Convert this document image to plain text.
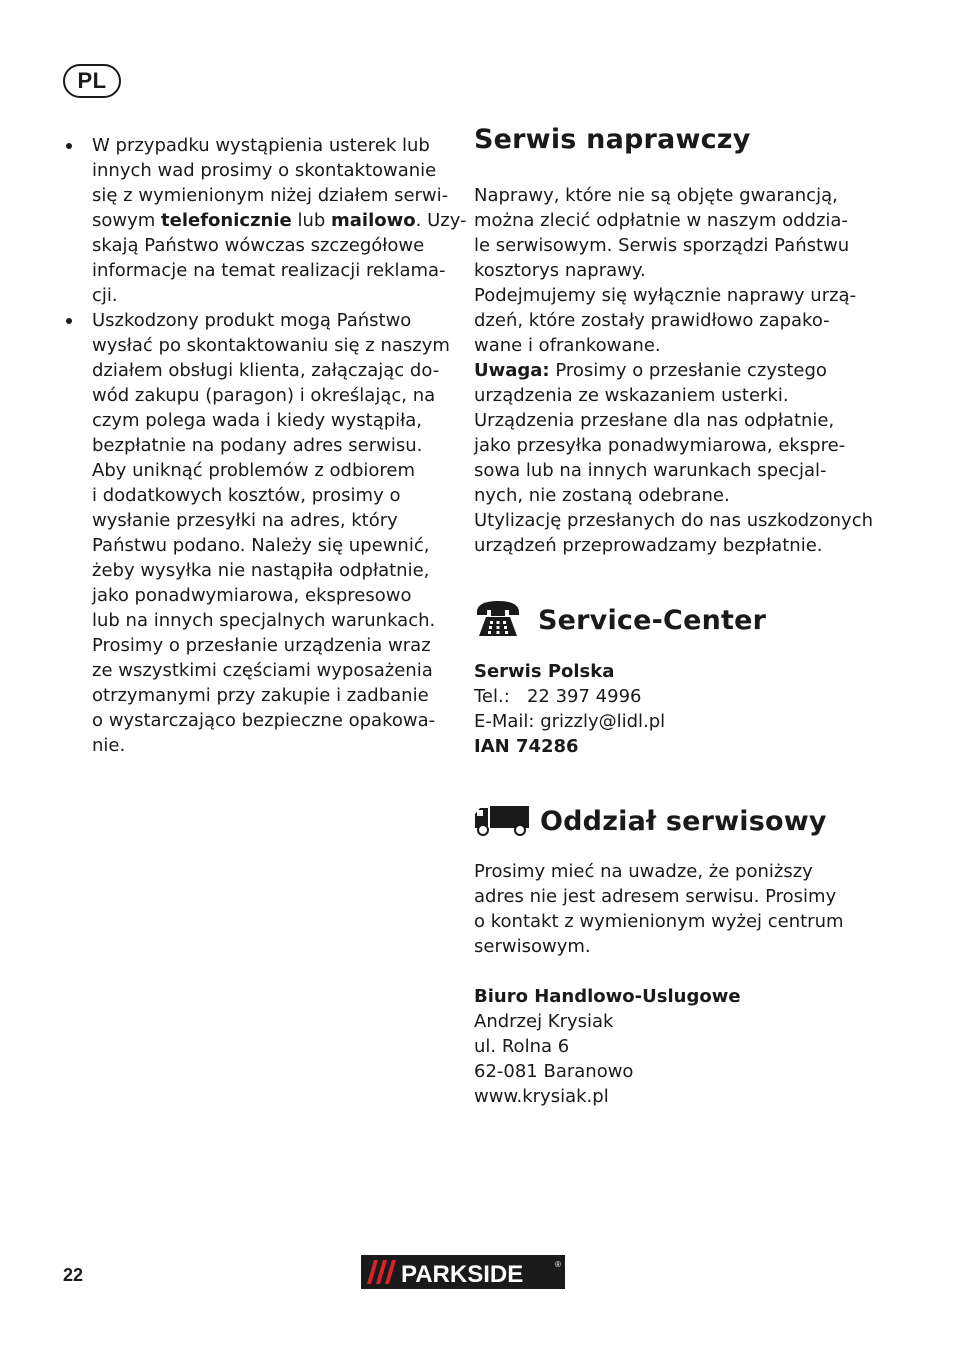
PL
W przypadku wystąpienia usterek lub
innych wad prosimy o skontaktowanie
się z wymienionym niżej działem serwi-
sowym telefonicznie lub mailowo. Uzy-
skają Państwo wówczas szczegółowe
informacje na temat realizacji reklama-
cji.
Uszkodzony produkt mogą Państwo
wysłać po skontaktowaniu się z naszym
działem obsługi klienta, załączając do-
wód zakupu (paragon) i określając, na
czym polega wada i kiedy wystąpiła,
bezpłatnie na podany adres serwisu.
Aby uniknąć problemów z odbiorem
i dodatkowych kosztów, prosimy o
wysłanie przesyłki na adres, który
Państwu podano. Należy się upewnić,
żeby wysyłka nie nastąpiła odpłatnie,
jako ponadwymiarowa, ekspresowo
lub na innych specjalnych warunkach.
Prosimy o przesłanie urządzenia wraz
ze wszystkimi częściami wyposażenia
otrzymanymi przy zakupie i zadbanie
o wystarczająco bezpieczne opakowa-
nie.
Serwis naprawczy
Naprawy, które nie są objęte gwarancją,
można zlecić odpłatnie w naszym oddzia-
le serwisowym. Serwis sporządzi Państwu
kosztorys naprawy.
Podejmujemy się wyłącznie naprawy urzą-
dzeń, które zostały prawidłowo zapako-
wane i ofrankowane.
Uwaga: Prosimy o przesłanie czystego
urządzenia ze wskazaniem usterki.
Urządzenia przesłane dla nas odpłatnie,
jako przesyłka ponadwymiarowa, ekspre-
sowa lub na innych warunkach specjal-
nych, nie zostaną odebrane.
Utylizację przesłanych do nas uszkodzonych
urządzeń przeprowadzamy bezpłatnie.
Service-Center
Serwis Polska
Tel.:   22 397 4996
E-Mail: grizzly@lidl.pl
IAN 74286
Oddział serwisowy
Prosimy mieć na uwadze, że poniższy
adres nie jest adresem serwisu. Prosimy
o kontakt z wymienionym wyżej centrum
serwisowym.
Biuro Handlowo-Uslugowe
Andrzej Krysiak
ul. Rolna 6
62-081 Baranowo
www.krysiak.pl
22	PARKSIDE	®
